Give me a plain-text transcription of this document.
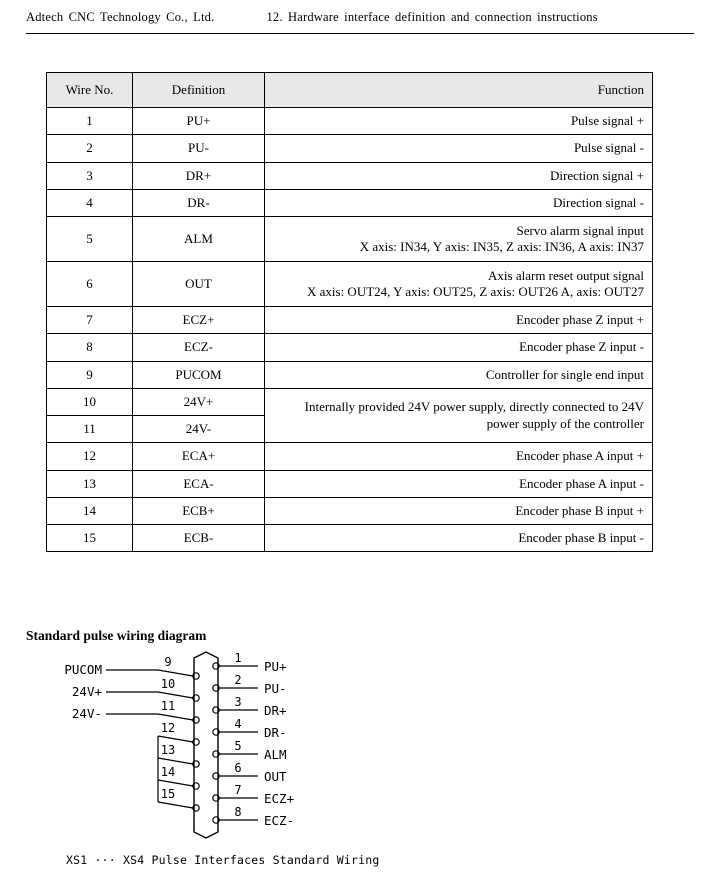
Adtech CNC Technology Co., Ltd.	12. Hardware interface definition and connection instructions
Wire No.	Definition	Function
1	PU+	Pulse signal +
2	PU-	Pulse signal -
3	DR+	Direction signal +
4	DR-	Direction signal -
5	ALM	Servo alarm signal input
X axis: IN34, Y axis: IN35, Z axis: IN36, A axis: IN37

6	OUT	Axis alarm reset output signal
X axis: OUT24, Y axis: OUT25, Z axis: OUT26 A, axis: OUT27

7	ECZ+	Encoder phase Z input +
8	ECZ-	Encoder phase Z input -
9	PUCOM	Controller for single end input
10	24V+	Internally provided 24V power supply, directly connected to 24V power supply of the controller
11	24V-	
12	ECA+	Encoder phase A input +
13	ECA-	Encoder phase A input -
14	ECB+	Encoder phase B input +
15	ECB-	Encoder phase B input -
Standard pulse wiring diagram
9
10
11
12
13
14
15
PUCOM
24V+
24V-
1
PU+
2
PU-
3
DR+
4
DR-
5
ALM
6
OUT
7
ECZ+
8
ECZ-
XS1 ··· XS4 Pulse Interfaces Standard Wiring
